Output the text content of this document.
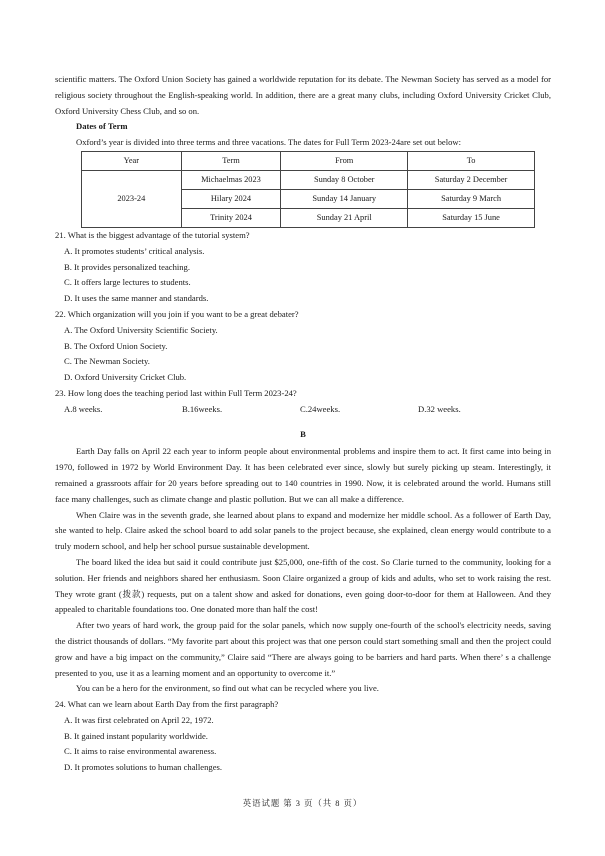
scientific matters. The Oxford Union Society has gained a worldwide reputation for its debate. The Newman Society has served as a model for religious society throughout the English-speaking world. In addition, there are a great many clubs, including Oxford University Cricket Club, Oxford University Chess Club, and so on.

Dates of Term

Oxford’s year is divided into three terms and three vacations. The dates for Full Term 2023-24are set out below:

Year	Term	From	To
2023-24	Michaelmas 2023	Sunday 8 October	Saturday 2 December
	Hilary 2024	Sunday 14 January	Saturday 9 March
	Trinity 2024	Sunday 21 April	Saturday 15 June

21. What is the biggest advantage of the tutorial system?

A. It promotes students’ critical analysis.
B. It provides personalized teaching.
C. It offers large lectures to students.
D. It uses the same manner and standards.

22. Which organization will you join if you want to be a great debater?

A. The Oxford University Scientific Society.
B. The Oxford Union Society.
C. The Newman Society.
D. Oxford University Cricket Club.

23. How long does the teaching period last within Full Term 2023-24?

A.8 weeks.	B.16weeks.	C.24weeks.	D.32 weeks.
B

Earth Day falls on April 22 each year to inform people about environmental problems and inspire them to act. It first came into being in 1970, followed in 1972 by World Environment Day. It has been celebrated ever since, slowly but surely picking up steam. Interestingly, it remained a grassroots affair for 20 years before spreading out to 140 countries in 1990. Now, it is celebrated around the world. Humans still face many challenges, such as climate change and plastic pollution. But we can all make a difference.

When Claire was in the seventh grade, she learned about plans to expand and modernize her middle school. As a follower of Earth Day, she wanted to help. Claire asked the school board to add solar panels to the project because, she explained, clean energy would contribute to a truly modern school, and help her school pursue sustainable development.

The board liked the idea but said it could contribute just $25,000, one-fifth of the cost. So Clarie turned to the community, looking for a solution. Her friends and neighbors shared her enthusiasm. Soon Claire organized a group of kids and adults, who set to work raising the rest. They wrote grant (拨款) requests, put on a talent show and asked for donations, even going door-to-door for them at Halloween. And they appealed to charitable foundations too. One donated more than half the cost!

After two years of hard work, the group paid for the solar panels, which now supply one-fourth of the school's electricity needs, saving the district thousands of dollars. “My favorite part about this project was that one person could start something small and then the project could grow and have a big impact on the community,” Claire said “There are always going to be barriers and hard parts. When there’ s a challenge presented to you, use it as a learning moment and an opportunity to overcome it.”

You can be a hero for the environment, so find out what can be recycled where you live.

24. What can we learn about Earth Day from the first paragraph?

A. It was first celebrated on April 22, 1972.
B. It gained instant popularity worldwide.
C. It aims to raise environmental awareness.
D. It promotes solutions to human challenges.
英语试题 第 3 页（共 8 页）
